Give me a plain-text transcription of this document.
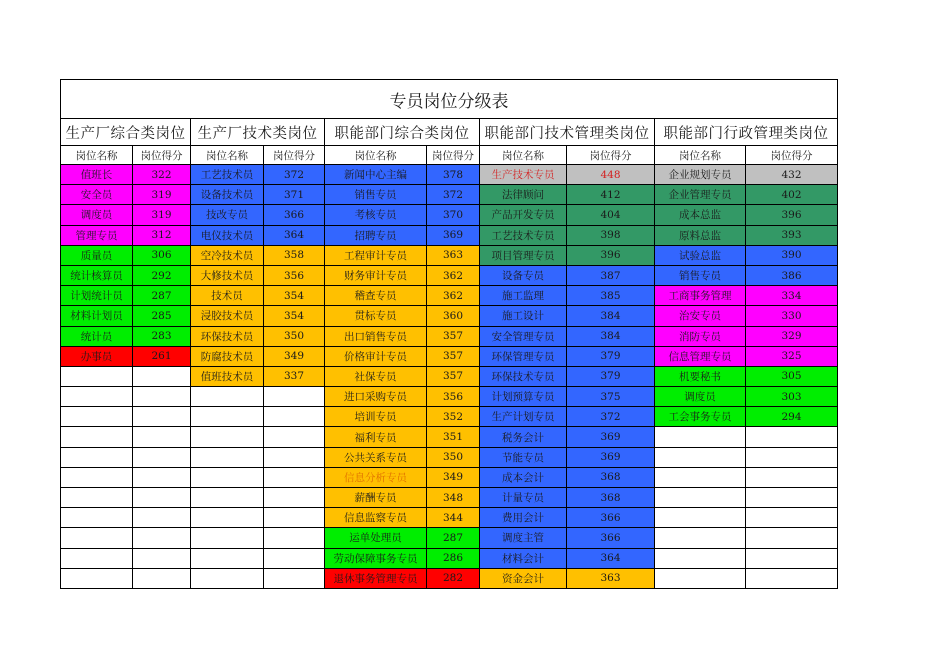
专员岗位分级表									
生产厂综合类岗位		生产厂技术类岗位		职能部门综合类岗位		职能部门技术管理类岗位		职能部门行政管理类岗位	
岗位名称	岗位得分	岗位名称	岗位得分	岗位名称	岗位得分	岗位名称	岗位得分	岗位名称	岗位得分
值班长	322	工艺技术员	372	新闻中心主编	378	生产技术专员	448	企业规划专员	432
安全员	319	设备技术员	371	销售专员	372	法律顾问	412	企业管理专员	402
调度员	319	技改专员	366	考核专员	370	产品开发专员	404	成本总监	396
管理专员	312	电仪技术员	364	招聘专员	369	工艺技术专员	398	原料总监	393
质量员	306	空冷技术员	358	工程审计专员	363	项目管理专员	396	试验总监	390
统计核算员	292	大修技术员	356	财务审计专员	362	设备专员	387	销售专员	386
计划统计员	287	技术员	354	稽查专员	362	施工监理	385	工商事务管理	334
材料计划员	285	浸胶技术员	354	贯标专员	360	施工设计	384	治安专员	330
统计员	283	环保技术员	350	出口销售专员	357	安全管理专员	384	消防专员	329
办事员	261	防腐技术员	349	价格审计专员	357	环保管理专员	379	信息管理专员	325
		值班技术员	337	社保专员	357	环保技术专员	379	机要秘书	305
				进口采购专员	356	计划预算专员	375	调度员	303
				培训专员	352	生产计划专员	372	工会事务专员	294
				福利专员	351	税务会计	369		
				公共关系专员	350	节能专员	369		
				信息分析专员	349	成本会计	368		
				薪酬专员	348	计量专员	368		
				信息监察专员	344	费用会计	366		
				运单处理员	287	调度主管	366		
				劳动保障事务专员	286	材料会计	364		
				退休事务管理专员	282	资金会计	363		
